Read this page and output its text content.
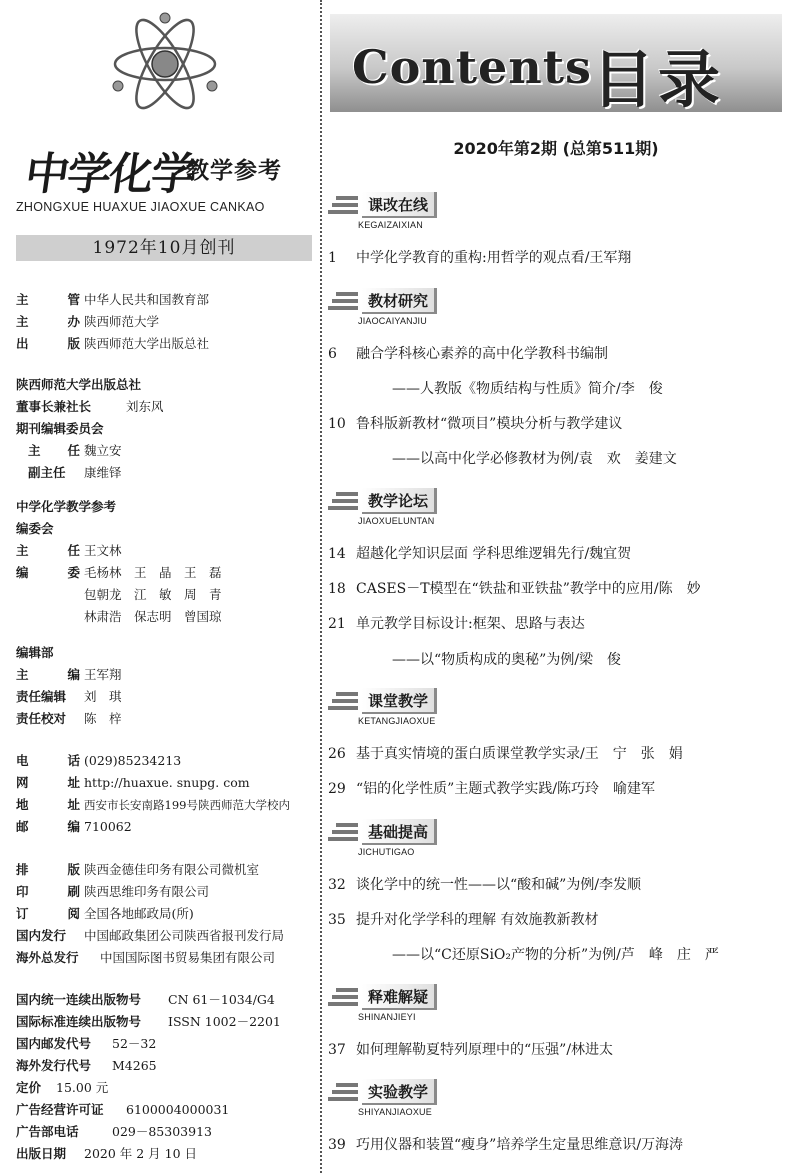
中学化学
教学参考
ZHONGXUE HUAXUE JIAOXUE CANKAO
1972年10月创刊
主	管 中华人民共和国教育部
主	办 陕西师范大学
出	版 陕西师范大学出版总社
陕西师范大学出版总社
董事长兼社长	刘东风
期刊编辑委员会
主 任 魏立安
副主任	康维铎
中学化学教学参考
编委会
主	任 王文林
编	委 毛杨林　王　晶　王　磊
包朝龙　江　敏　周　青
林肃浩　保志明　曾国琼
编辑部
主	编 王军翔
责任编辑	刘　琪
责任校对	陈　梓
电	话 (029)85234213
网	址 http://huaxue. snupg. com
地	址 西安市长安南路199号陕西师范大学校内
邮	编 710062
排	版 陕西金德佳印务有限公司微机室
印	刷 陕西思维印务有限公司
订	阅 全国各地邮政局(所)
国内发行	中国邮政集团公司陕西省报刊发行局
海外总发行	中国国际图书贸易集团有限公司
国内统一连续出版物号	CN 61－1034/G4
国际标准连续出版物号	ISSN 1002－2201
国内邮发代号	52－32
海外发行代号	M4265
定价	15.00 元
广告经营许可证	6100004000031
广告部电话	029－85303913
出版日期	2020 年 2 月 10 日
Contents 目录
2020年第2期 (总第511期)
课改在线
KEGAIZAIXIAN
1 中学化学教育的重构:用哲学的观点看/王军翔
教材研究
JIAOCAIYANJIU
6 融合学科核心素养的高中化学教科书编制
——人教版《物质结构与性质》简介/李　俊
10 鲁科版新教材“微项目”模块分析与教学建议
——以高中化学必修教材为例/袁　欢　姜建文
教学论坛
JIAOXUELUNTAN
14 超越化学知识层面 学科思维逻辑先行/魏宜贺
18 CASES－T模型在“铁盐和亚铁盐”教学中的应用/陈　妙
21 单元教学目标设计:框架、思路与表达
——以“物质构成的奥秘”为例/梁　俊
课堂教学
KETANGJIAOXUE
26 基于真实情境的蛋白质课堂教学实录/王　宁　张　娟
29 “铝的化学性质”主题式教学实践/陈巧玲　喻建军
基础提高
JICHUTIGAO
32 谈化学中的统一性——以“酸和碱”为例/李发顺
35 提升对化学学科的理解 有效施教新教材
——以“C还原SiO₂产物的分析”为例/芦　峰　庄　严
释难解疑
SHINANJIEYI
37 如何理解勒夏特列原理中的“压强”/林进太
实验教学
SHIYANJIAOXUE
39 巧用仪器和装置“瘦身”培养学生定量思维意识/万海涛
